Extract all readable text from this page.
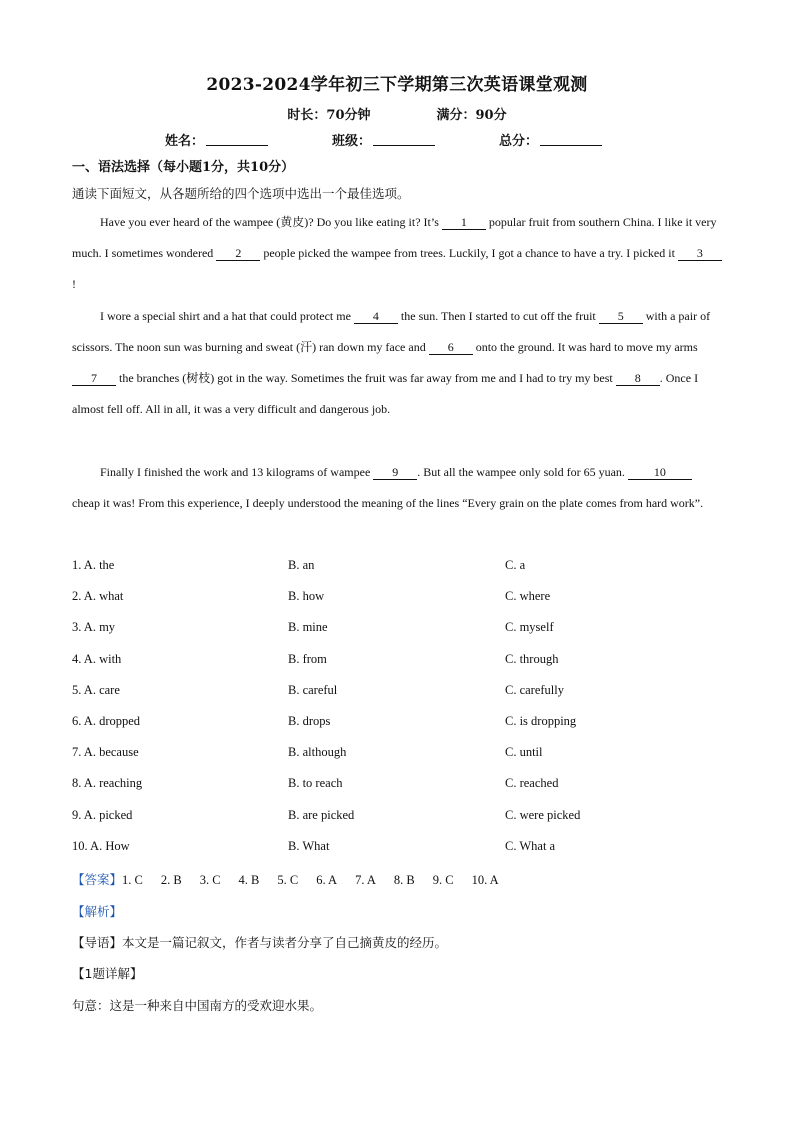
2023-2024学年初三下学期第三次英语课堂观测
时长：70分钟	满分：90分
姓名：	班级：	总分：
一、语法选择（每小题1分，共10分）
通读下面短文，从各题所给的四个选项中选出一个最佳选项。
Have you ever heard of the wampee (黄皮)? Do you like eating it? It’s 1 popular fruit from southern China. I like it very much. I sometimes wondered 2 people picked the wampee from trees. Luckily, I got a chance to have a try. I picked it 3!
I wore a special shirt and a hat that could protect me 4 the sun. Then I started to cut off the fruit 5 with a pair of scissors. The noon sun was burning and sweat (汗) ran down my face and 6 onto the ground. It was hard to move my arms 7 the branches (树枝) got in the way. Sometimes the fruit was far away from me and I had to try my best 8 . Once I almost fell off. All in all, it was a very difficult and dangerous job.
Finally I finished the work and 13 kilograms of wampee 9 . But all the wampee only sold for 65 yuan. 10 cheap it was! From this experience, I deeply understood the meaning of the lines “Every grain on the plate comes from hard work”.
1. A. the	B. an	C. a
2. A. what	B. how	C. where
3. A. my	B. mine	C. myself
4. A. with	B. from	C. through
5. A. care	B. careful	C. carefully
6. A. dropped	B. drops	C. is dropping
7. A. because	B. although	C. until
8. A. reaching	B. to reach	C. reached
9. A. picked	B. are picked	C. were picked
10. A. How	B. What	C. What a
【答案】1. C 2. B 3. C 4. B 5. C 6. A 7. A 8. B 9. C 10. A
【解析】
【导语】本文是一篇记叙文，作者与读者分享了自己摘黄皮的经历。
【1题详解】
句意：这是一种来自中国南方的受欢迎水果。
